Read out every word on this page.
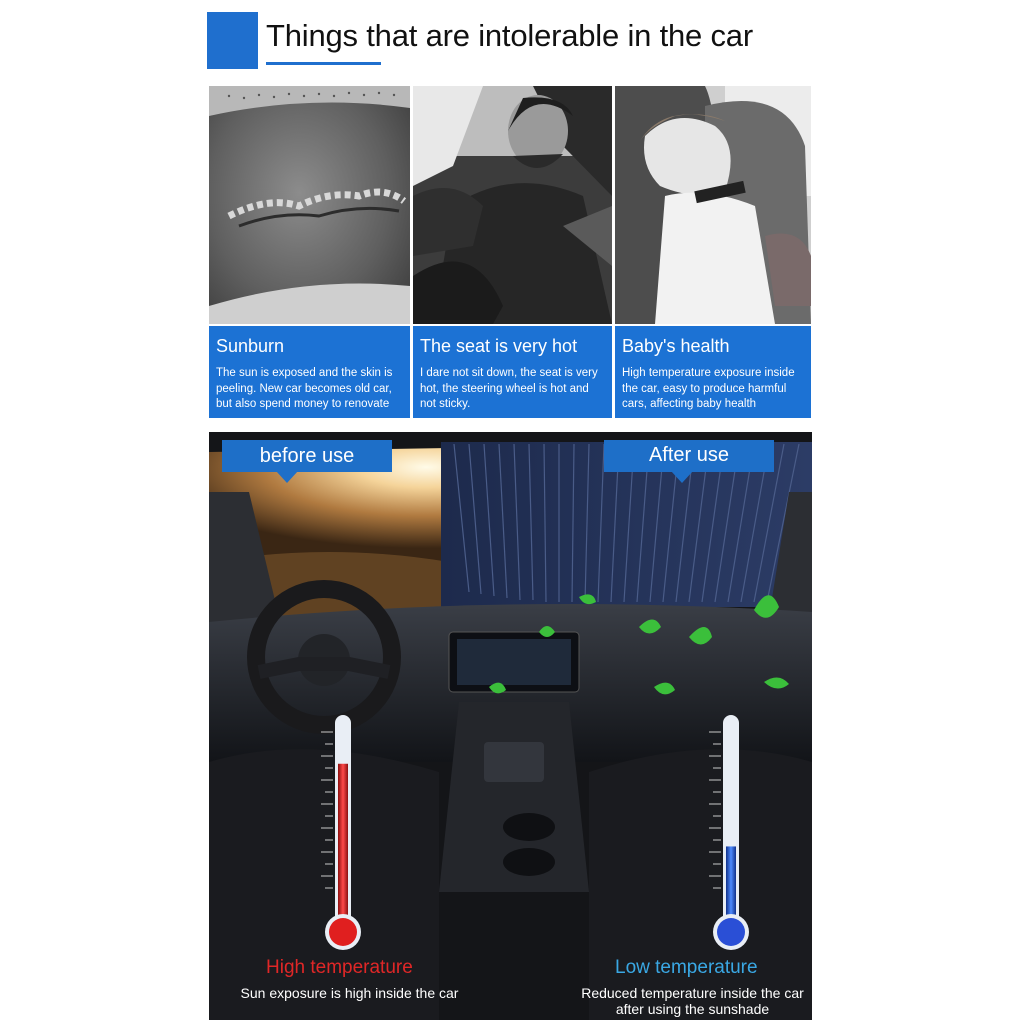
Things that are intolerable in the car
Sunburn
The sun is exposed and the skin is peeling. New car becomes old car, but also spend money to renovate
The seat is very hot
I dare not sit down, the seat is very hot, the steering wheel is hot and not sticky.
Baby's health
High temperature exposure inside the car, easy to produce harmful cars, affecting baby health
before use	After use
High temperature
Sun exposure is high inside the car
Low temperature
Reduced temperature inside the car after using the sunshade
